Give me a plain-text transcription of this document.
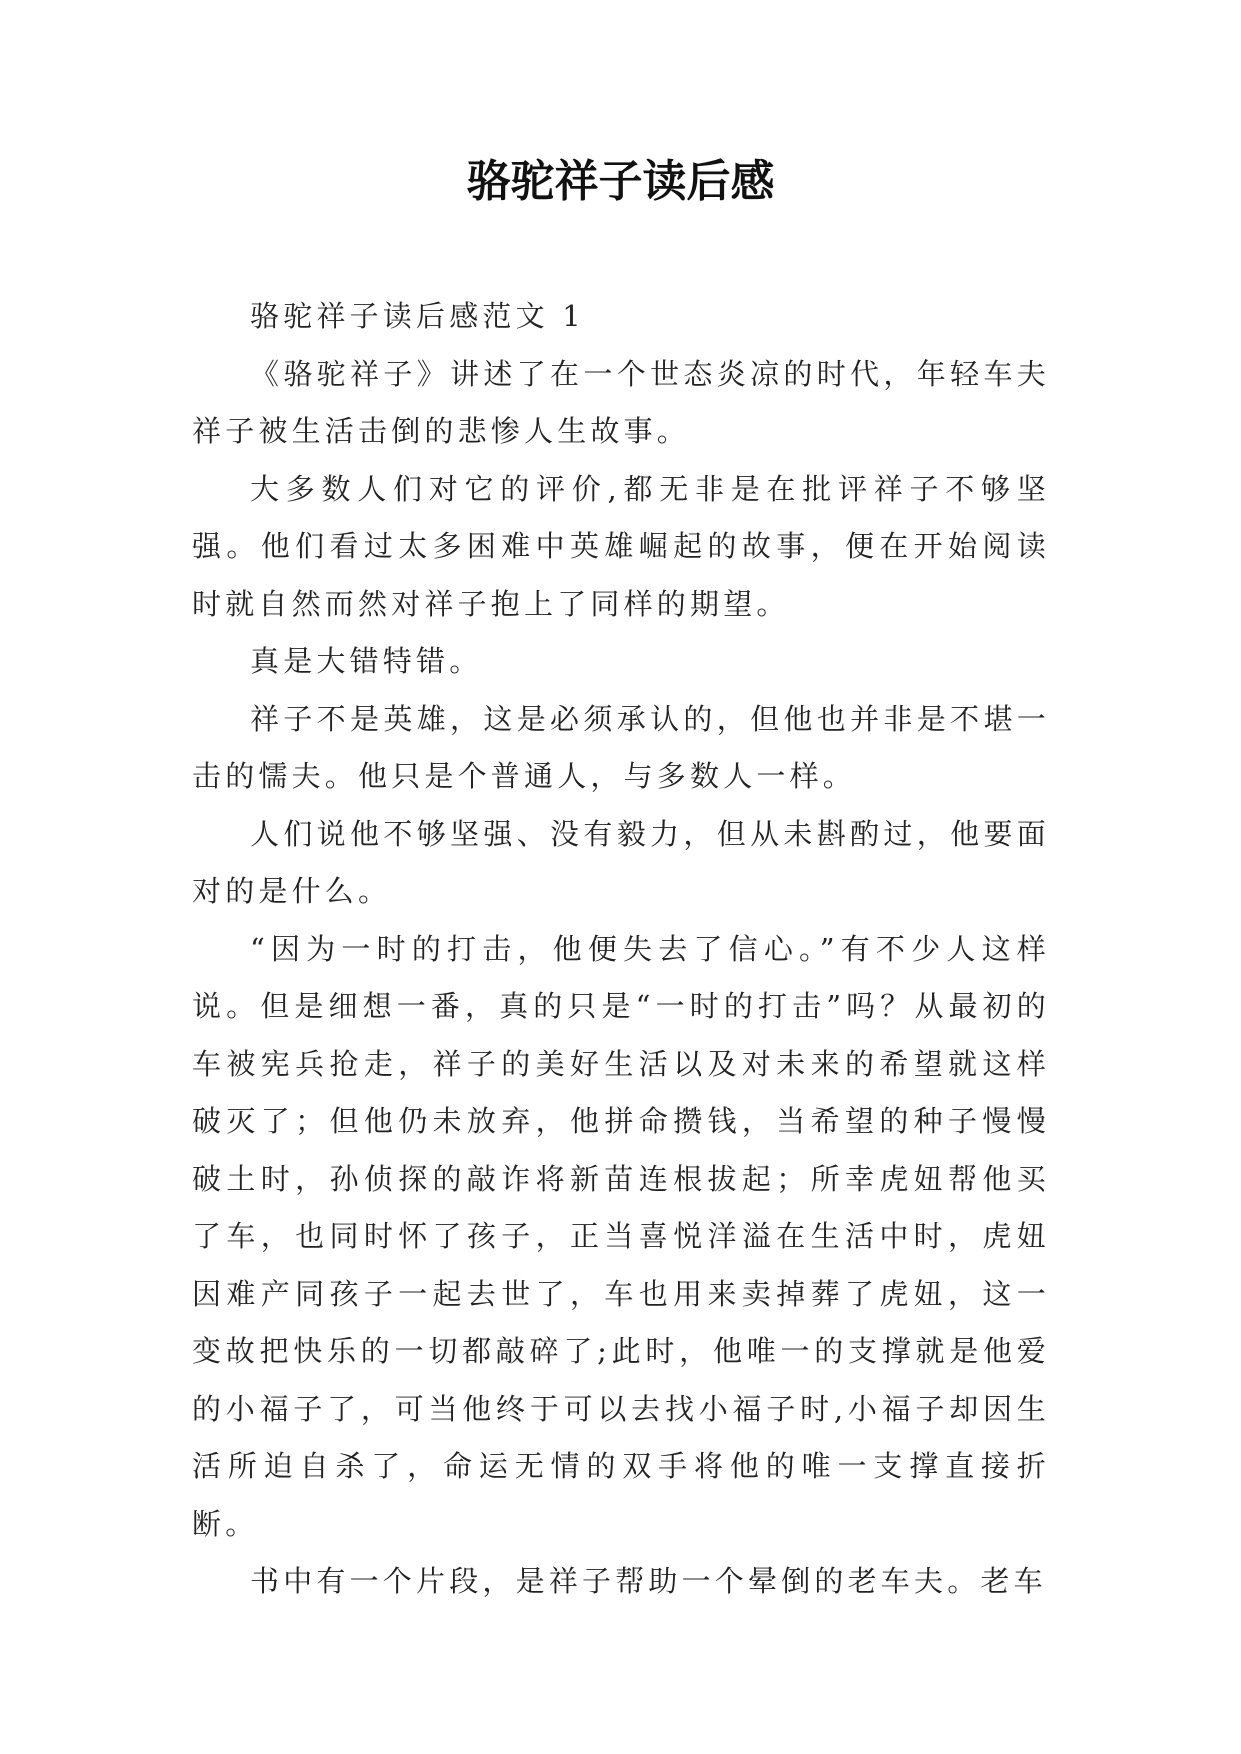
骆驼祥子读后感

骆驼祥子读后感范文 1

《骆驼祥子》讲述了在一个世态炎凉的时代，年轻车夫祥子被生活击倒的悲惨人生故事。

大多数人们对它的评价,都无非是在批评祥子不够坚强。他们看过太多困难中英雄崛起的故事，便在开始阅读时就自然而然对祥子抱上了同样的期望。

真是大错特错。

祥子不是英雄，这是必须承认的，但他也并非是不堪一击的懦夫。他只是个普通人，与多数人一样。

人们说他不够坚强、没有毅力，但从未斟酌过，他要面对的是什么。

“因为一时的打击，他便失去了信心。”有不少人这样说。但是细想一番，真的只是“一时的打击”吗？从最初的车被宪兵抢走，祥子的美好生活以及对未来的希望就这样破灭了；但他仍未放弃，他拼命攒钱，当希望的种子慢慢破土时，孙侦探的敲诈将新苗连根拔起；所幸虎妞帮他买了车，也同时怀了孩子，正当喜悦洋溢在生活中时，虎妞因难产同孩子一起去世了，车也用来卖掉葬了虎妞，这一变故把快乐的一切都敲碎了;此时，他唯一的支撑就是他爱的小福子了，可当他终于可以去找小福子时,小福子却因生活所迫自杀了，命运无情的双手将他的唯一支撑直接折断。

书中有一个片段，是祥子帮助一个晕倒的老车夫。老车
